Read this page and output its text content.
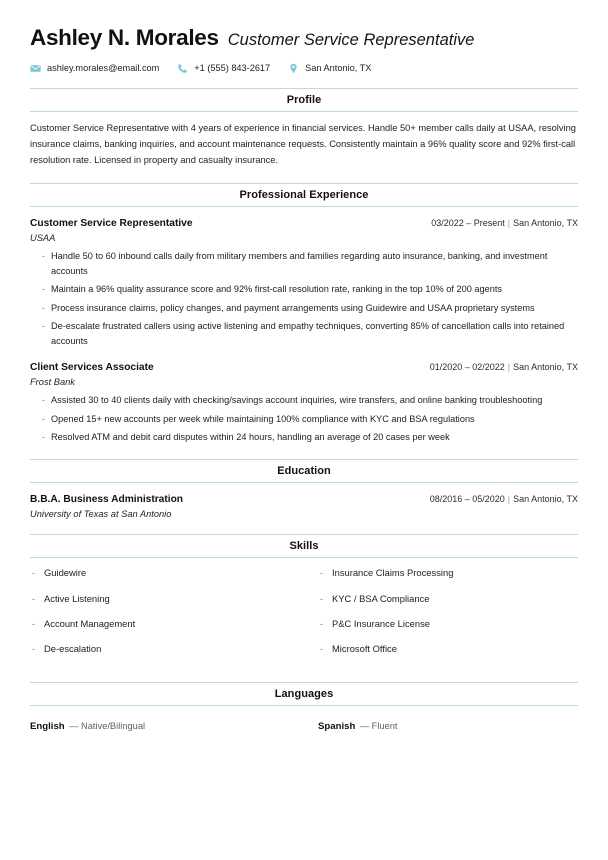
Ashley N. Morales Customer Service Representative
ashley.morales@email.com	+1 (555) 843-2617	San Antonio, TX
Profile
Customer Service Representative with 4 years of experience in financial services. Handle 50+ member calls daily at USAA, resolving insurance claims, banking inquiries, and account maintenance requests. Consistently maintain a 96% quality score and 92% first-call resolution rate. Licensed in property and casualty insurance.
Professional Experience
Customer Service Representative	03/2022 – Present | San Antonio, TX
USAA
- Handle 50 to 60 inbound calls daily from military members and families regarding auto insurance, banking, and investment accounts
- Maintain a 96% quality assurance score and 92% first-call resolution rate, ranking in the top 10% of 200 agents
- Process insurance claims, policy changes, and payment arrangements using Guidewire and USAA proprietary systems
- De-escalate frustrated callers using active listening and empathy techniques, converting 85% of cancellation calls into retained accounts
Client Services Associate	01/2020 – 02/2022 | San Antonio, TX
Frost Bank
- Assisted 30 to 40 clients daily with checking/savings account inquiries, wire transfers, and online banking troubleshooting
- Opened 15+ new accounts per week while maintaining 100% compliance with KYC and BSA regulations
- Resolved ATM and debit card disputes within 24 hours, handling an average of 20 cases per week
Education
B.B.A. Business Administration	08/2016 – 05/2020 | San Antonio, TX
University of Texas at San Antonio
Skills
- Guidewire
- Active Listening
- Account Management
- De-escalation
- Insurance Claims Processing
- KYC / BSA Compliance
- P&C Insurance License
- Microsoft Office
Languages
English — Native/Bilingual	Spanish — Fluent
